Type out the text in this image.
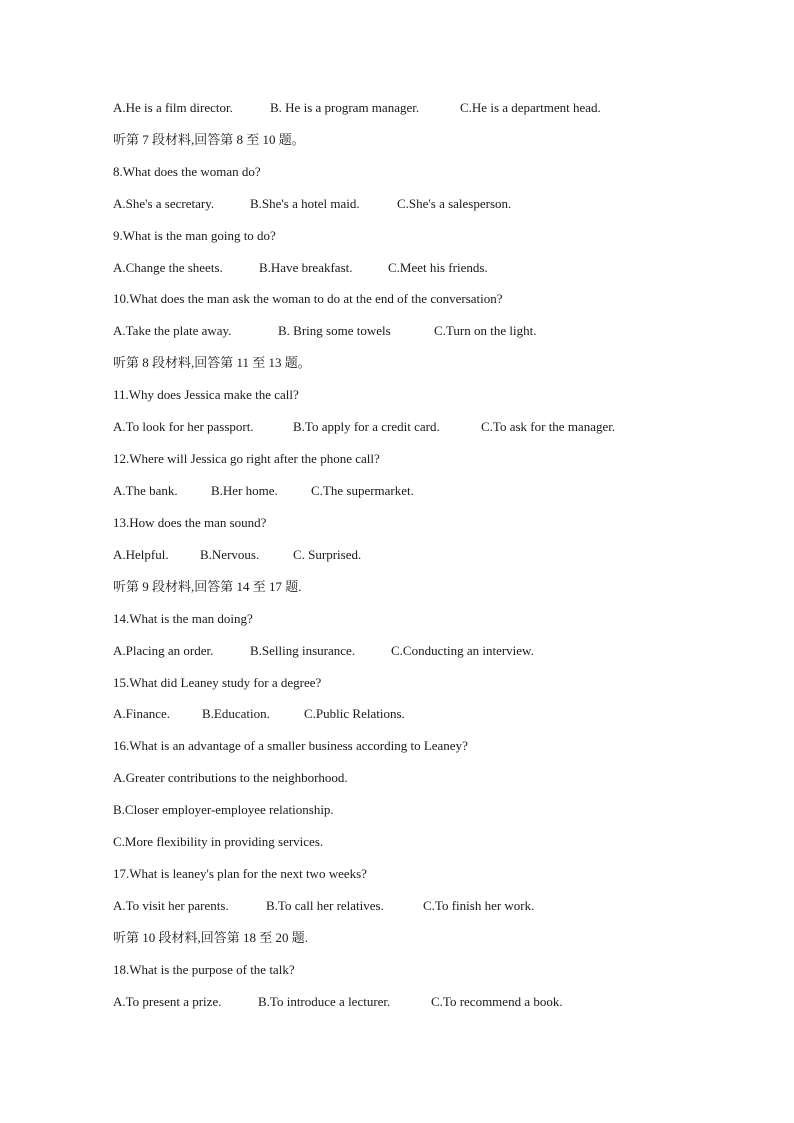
A.He is a film director.	B. He is a program manager.	C.He is a department head.
听第 7 段材料,回答第 8 至 10 题。
8.What does the woman do?
A.She's a secretary.	B.She's a hotel maid.	C.She's a salesperson.
9.What is the man going to do?
A.Change the sheets.	B.Have breakfast.	C.Meet his friends.
10.What does the man ask the woman to do at the end of the conversation?
A.Take the plate away.	B. Bring some towels	C.Turn on the light.
听第 8 段材料,回答第 11 至 13 题。
11.Why does Jessica make the call?
A.To look for her passport.	B.To apply for a credit card.	C.To ask for the manager.
12.Where will Jessica go right after the phone call?
A.The bank.	B.Her home.	C.The supermarket.
13.How does the man sound?
A.Helpful. B.Nervous.	C. Surprised.
听第 9 段材料,回答第 14 至 17 题.
14.What is the man doing?
A.Placing an order.	B.Selling insurance.	C.Conducting an interview.
15.What did Leaney study for a degree?
A.Finance. B.Education.	C.Public Relations.
16.What is an advantage of a smaller business according to Leaney?
A.Greater contributions to the neighborhood.
B.Closer employer-employee relationship.
C.More flexibility in providing services.
17.What is leaney's plan for the next two weeks?
A.To visit her parents.	B.To call her relatives.	C.To finish her work.
听第 10 段材料,回答第 18 至 20 题.
18.What is the purpose of the talk?
A.To present a prize.	B.To introduce a lecturer.	C.To recommend a book.
